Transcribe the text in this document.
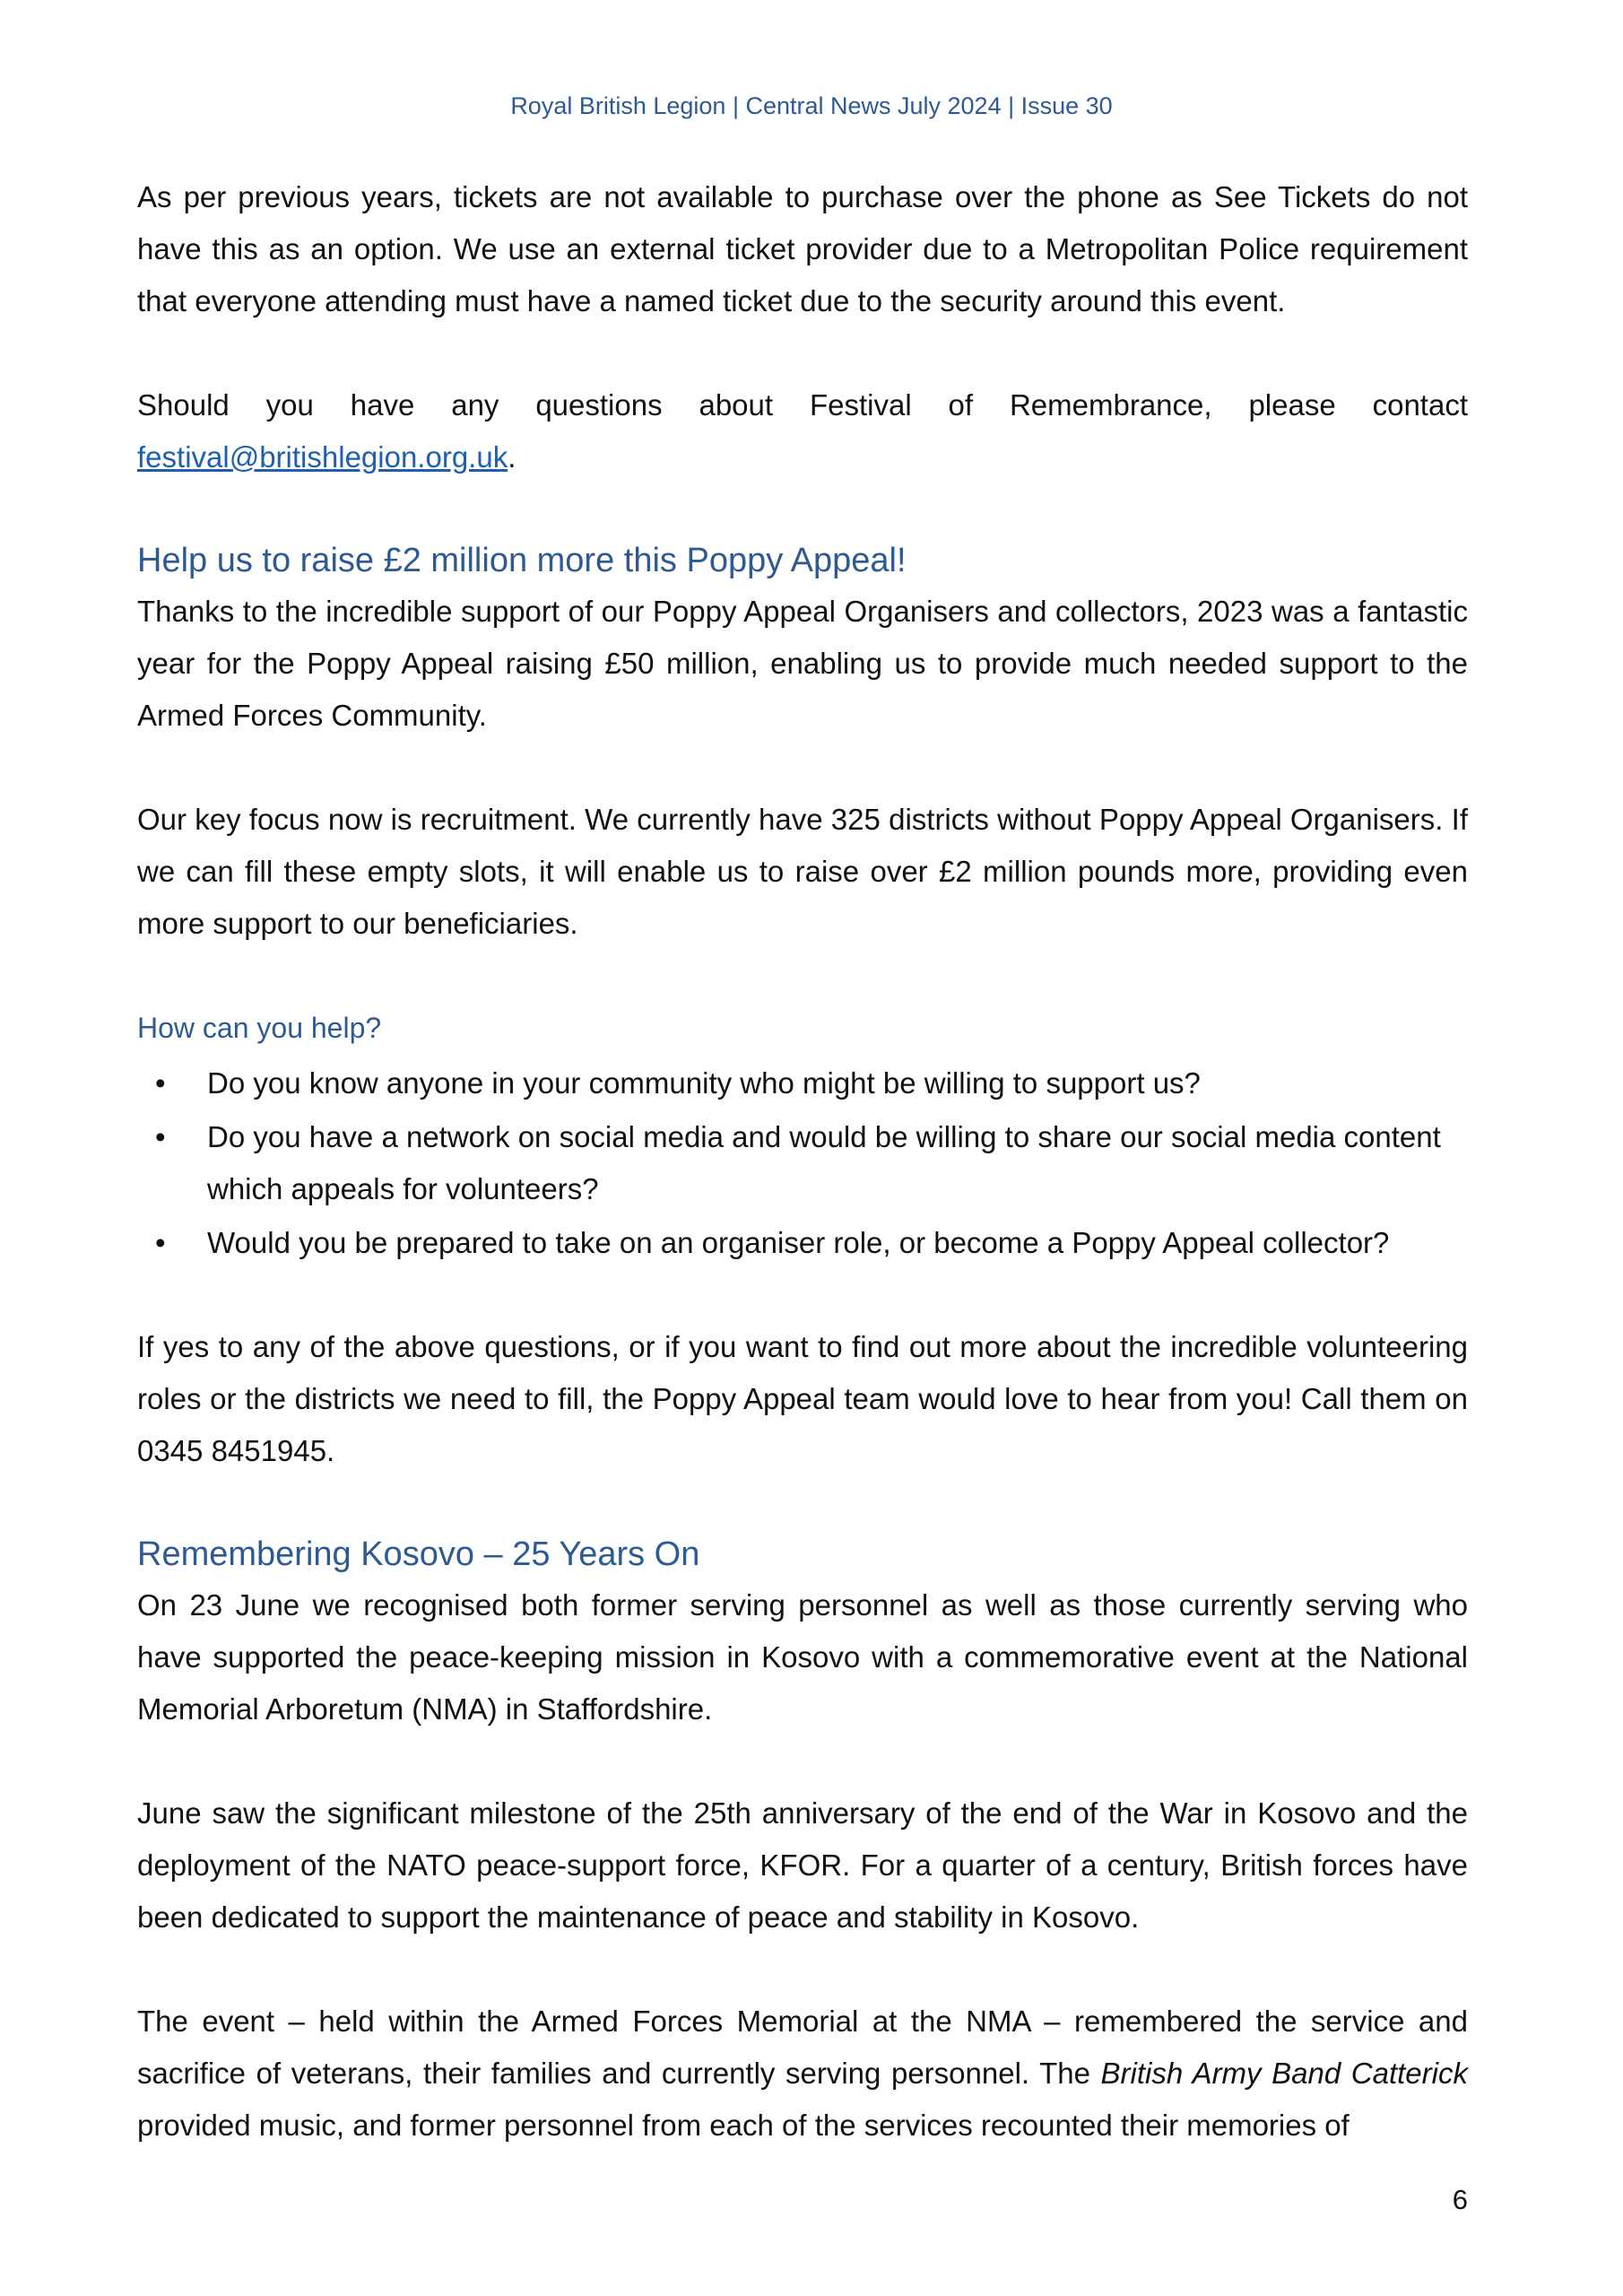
Royal British Legion | Central News July 2024 | Issue 30

As per previous years, tickets are not available to purchase over the phone as See Tickets do not have this as an option. We use an external ticket provider due to a Metropolitan Police requirement that everyone attending must have a named ticket due to the security around this event.

Should you have any questions about Festival of Remembrance, please contact festival@britishlegion.org.uk.

Help us to raise £2 million more this Poppy Appeal!

Thanks to the incredible support of our Poppy Appeal Organisers and collectors, 2023 was a fantastic year for the Poppy Appeal raising £50 million, enabling us to provide much needed support to the Armed Forces Community.

Our key focus now is recruitment. We currently have 325 districts without Poppy Appeal Organisers. If we can fill these empty slots, it will enable us to raise over £2 million pounds more, providing even more support to our beneficiaries.

How can you help?
•	Do you know anyone in your community who might be willing to support us?
•	Do you have a network on social media and would be willing to share our social media content which appeals for volunteers?
•	Would you be prepared to take on an organiser role, or become a Poppy Appeal collector?

If yes to any of the above questions, or if you want to find out more about the incredible volunteering roles or the districts we need to fill, the Poppy Appeal team would love to hear from you! Call them on 0345 8451945.

Remembering Kosovo – 25 Years On

On 23 June we recognised both former serving personnel as well as those currently serving who have supported the peace-keeping mission in Kosovo with a commemorative event at the National Memorial Arboretum (NMA) in Staffordshire.

June saw the significant milestone of the 25th anniversary of the end of the War in Kosovo and the deployment of the NATO peace-support force, KFOR. For a quarter of a century, British forces have been dedicated to support the maintenance of peace and stability in Kosovo.

The event – held within the Armed Forces Memorial at the NMA – remembered the service and sacrifice of veterans, their families and currently serving personnel. The British Army Band Catterick provided music, and former personnel from each of the services recounted their memories of

6
